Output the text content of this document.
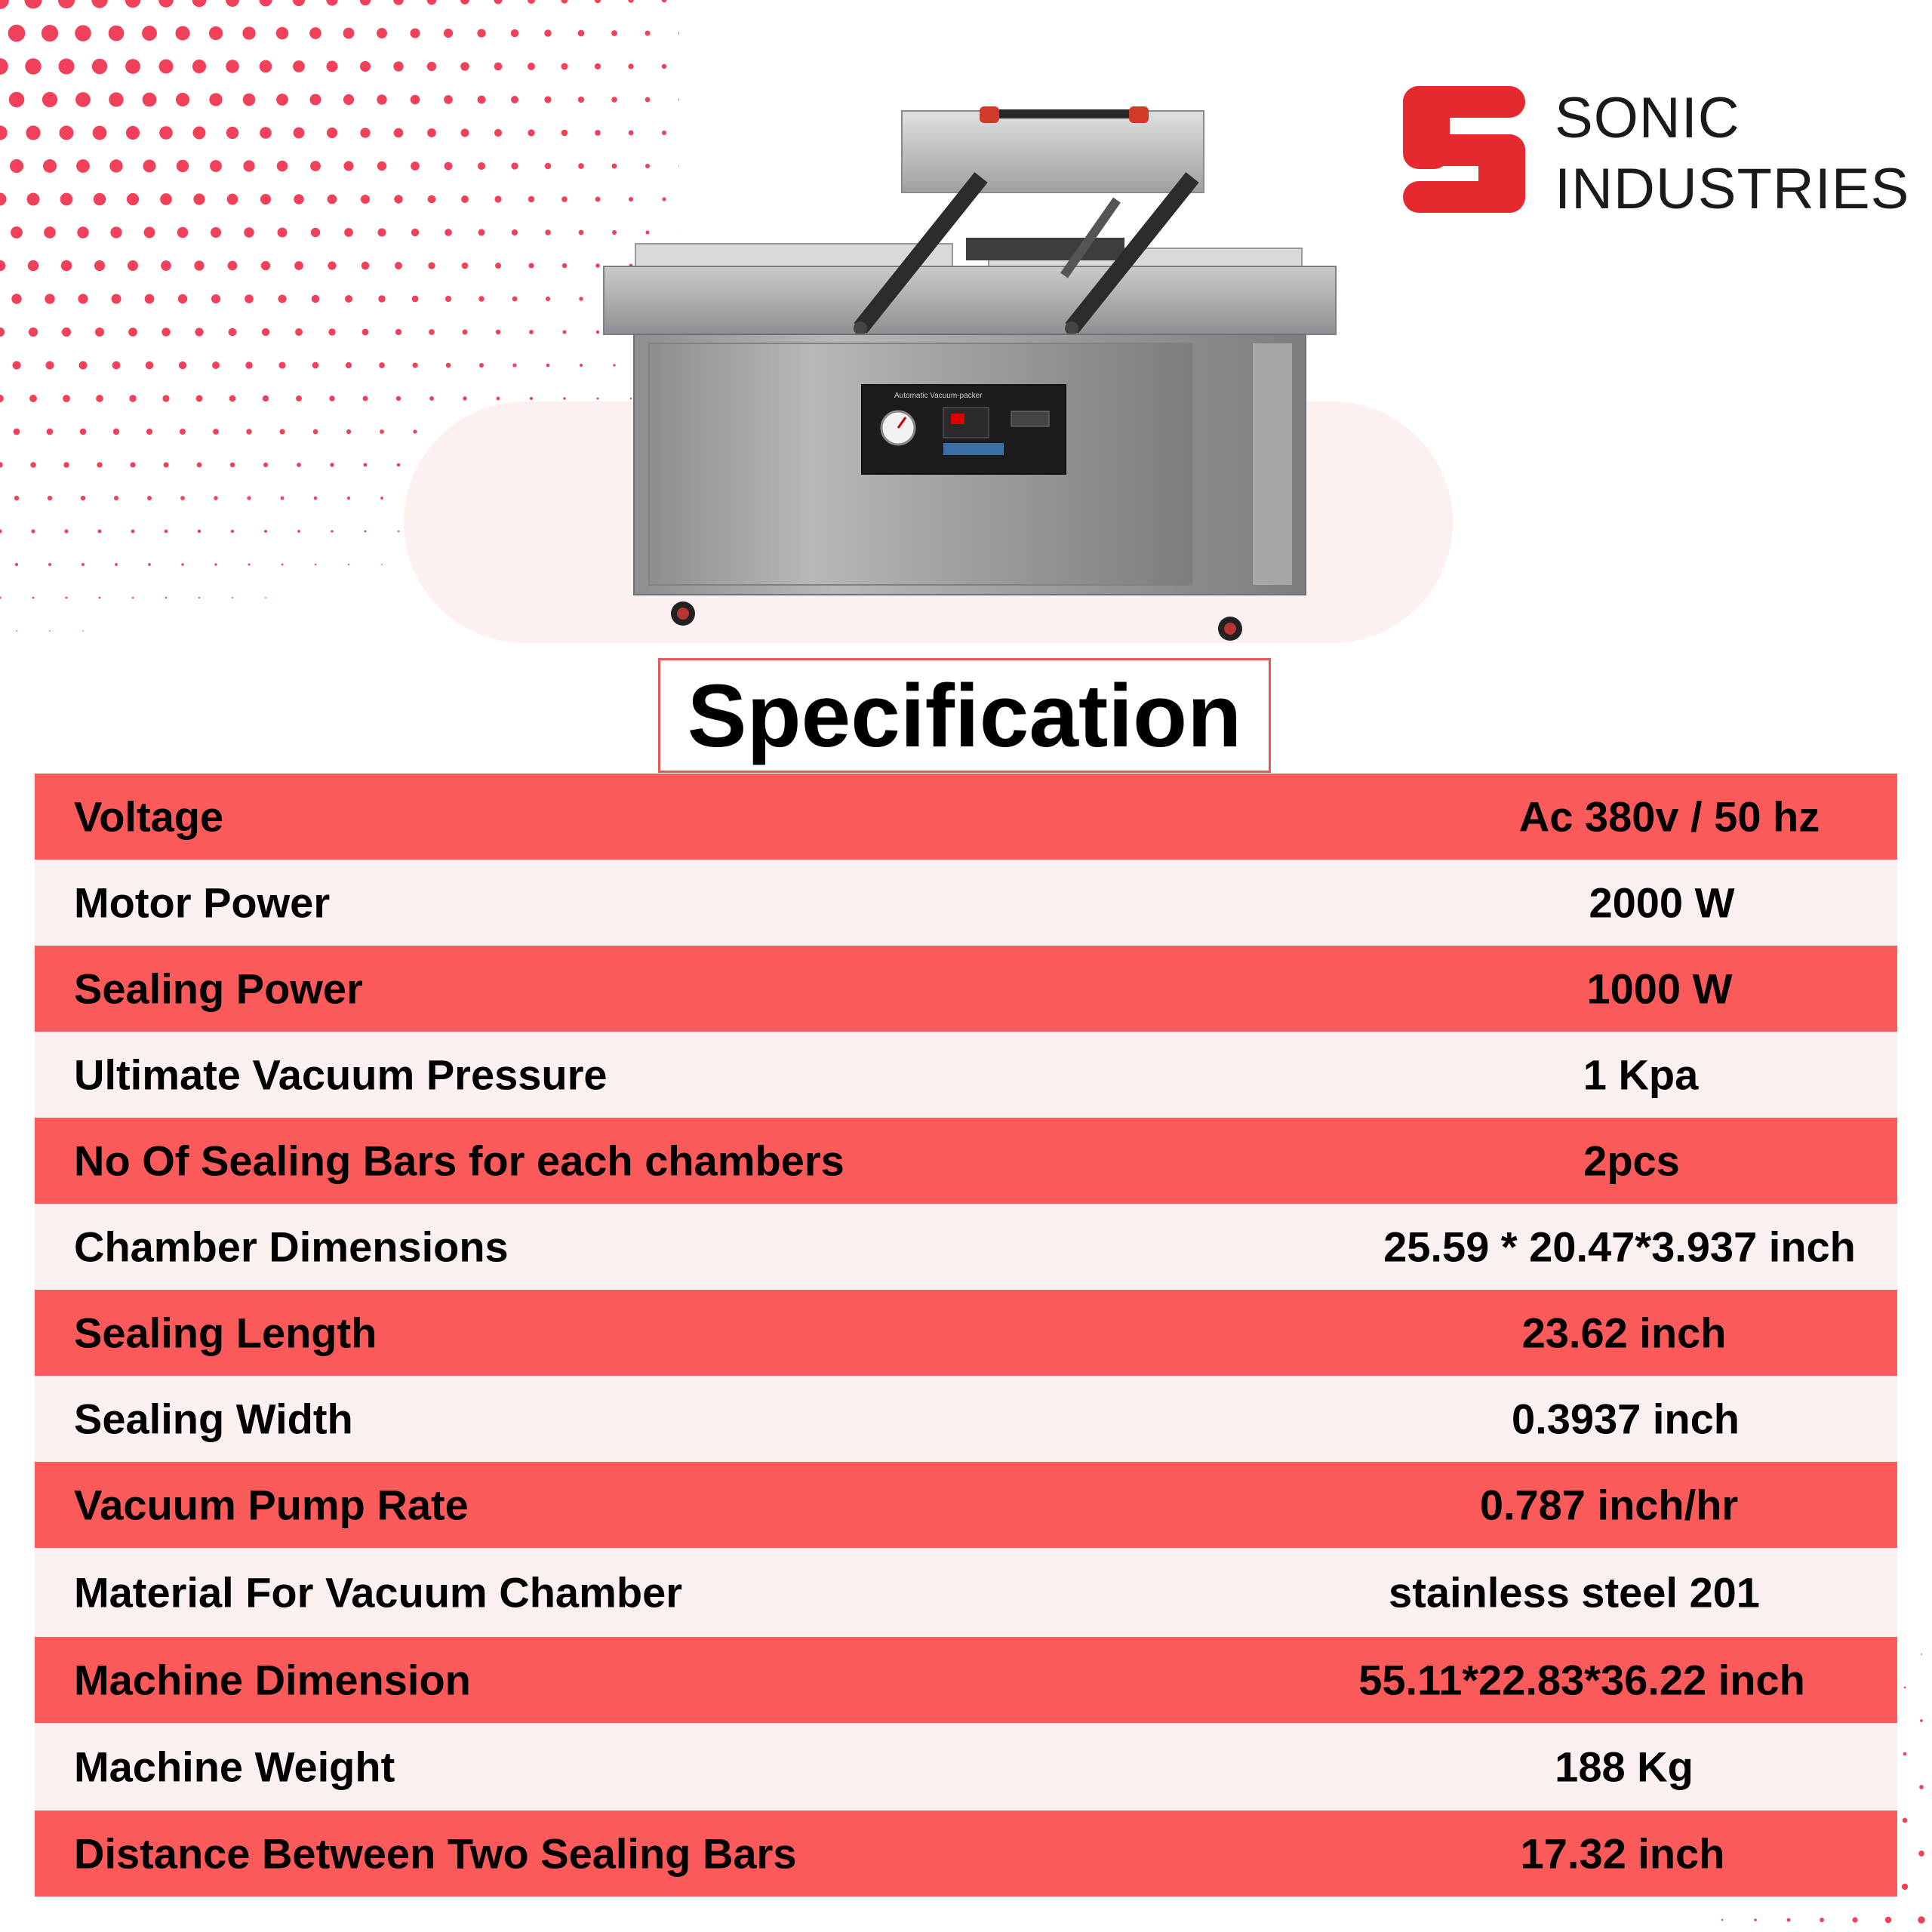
SONIC
INDUSTRIES
Automatic Vacuum-packer
Specification
Voltage	Ac 380v / 50 hz
Motor Power	2000 W
Sealing Power	1000 W
Ultimate Vacuum Pressure	1 Kpa
No Of Sealing Bars for each chambers	2pcs
Chamber Dimensions	25.59 * 20.47*3.937 inch
Sealing Length	23.62 inch
Sealing Width	0.3937 inch
Vacuum Pump Rate	0.787 inch/hr
Material For Vacuum Chamber	stainless steel 201
Machine Dimension	55.11*22.83*36.22 inch
Machine Weight	188 Kg
Distance Between Two Sealing Bars	17.32 inch
